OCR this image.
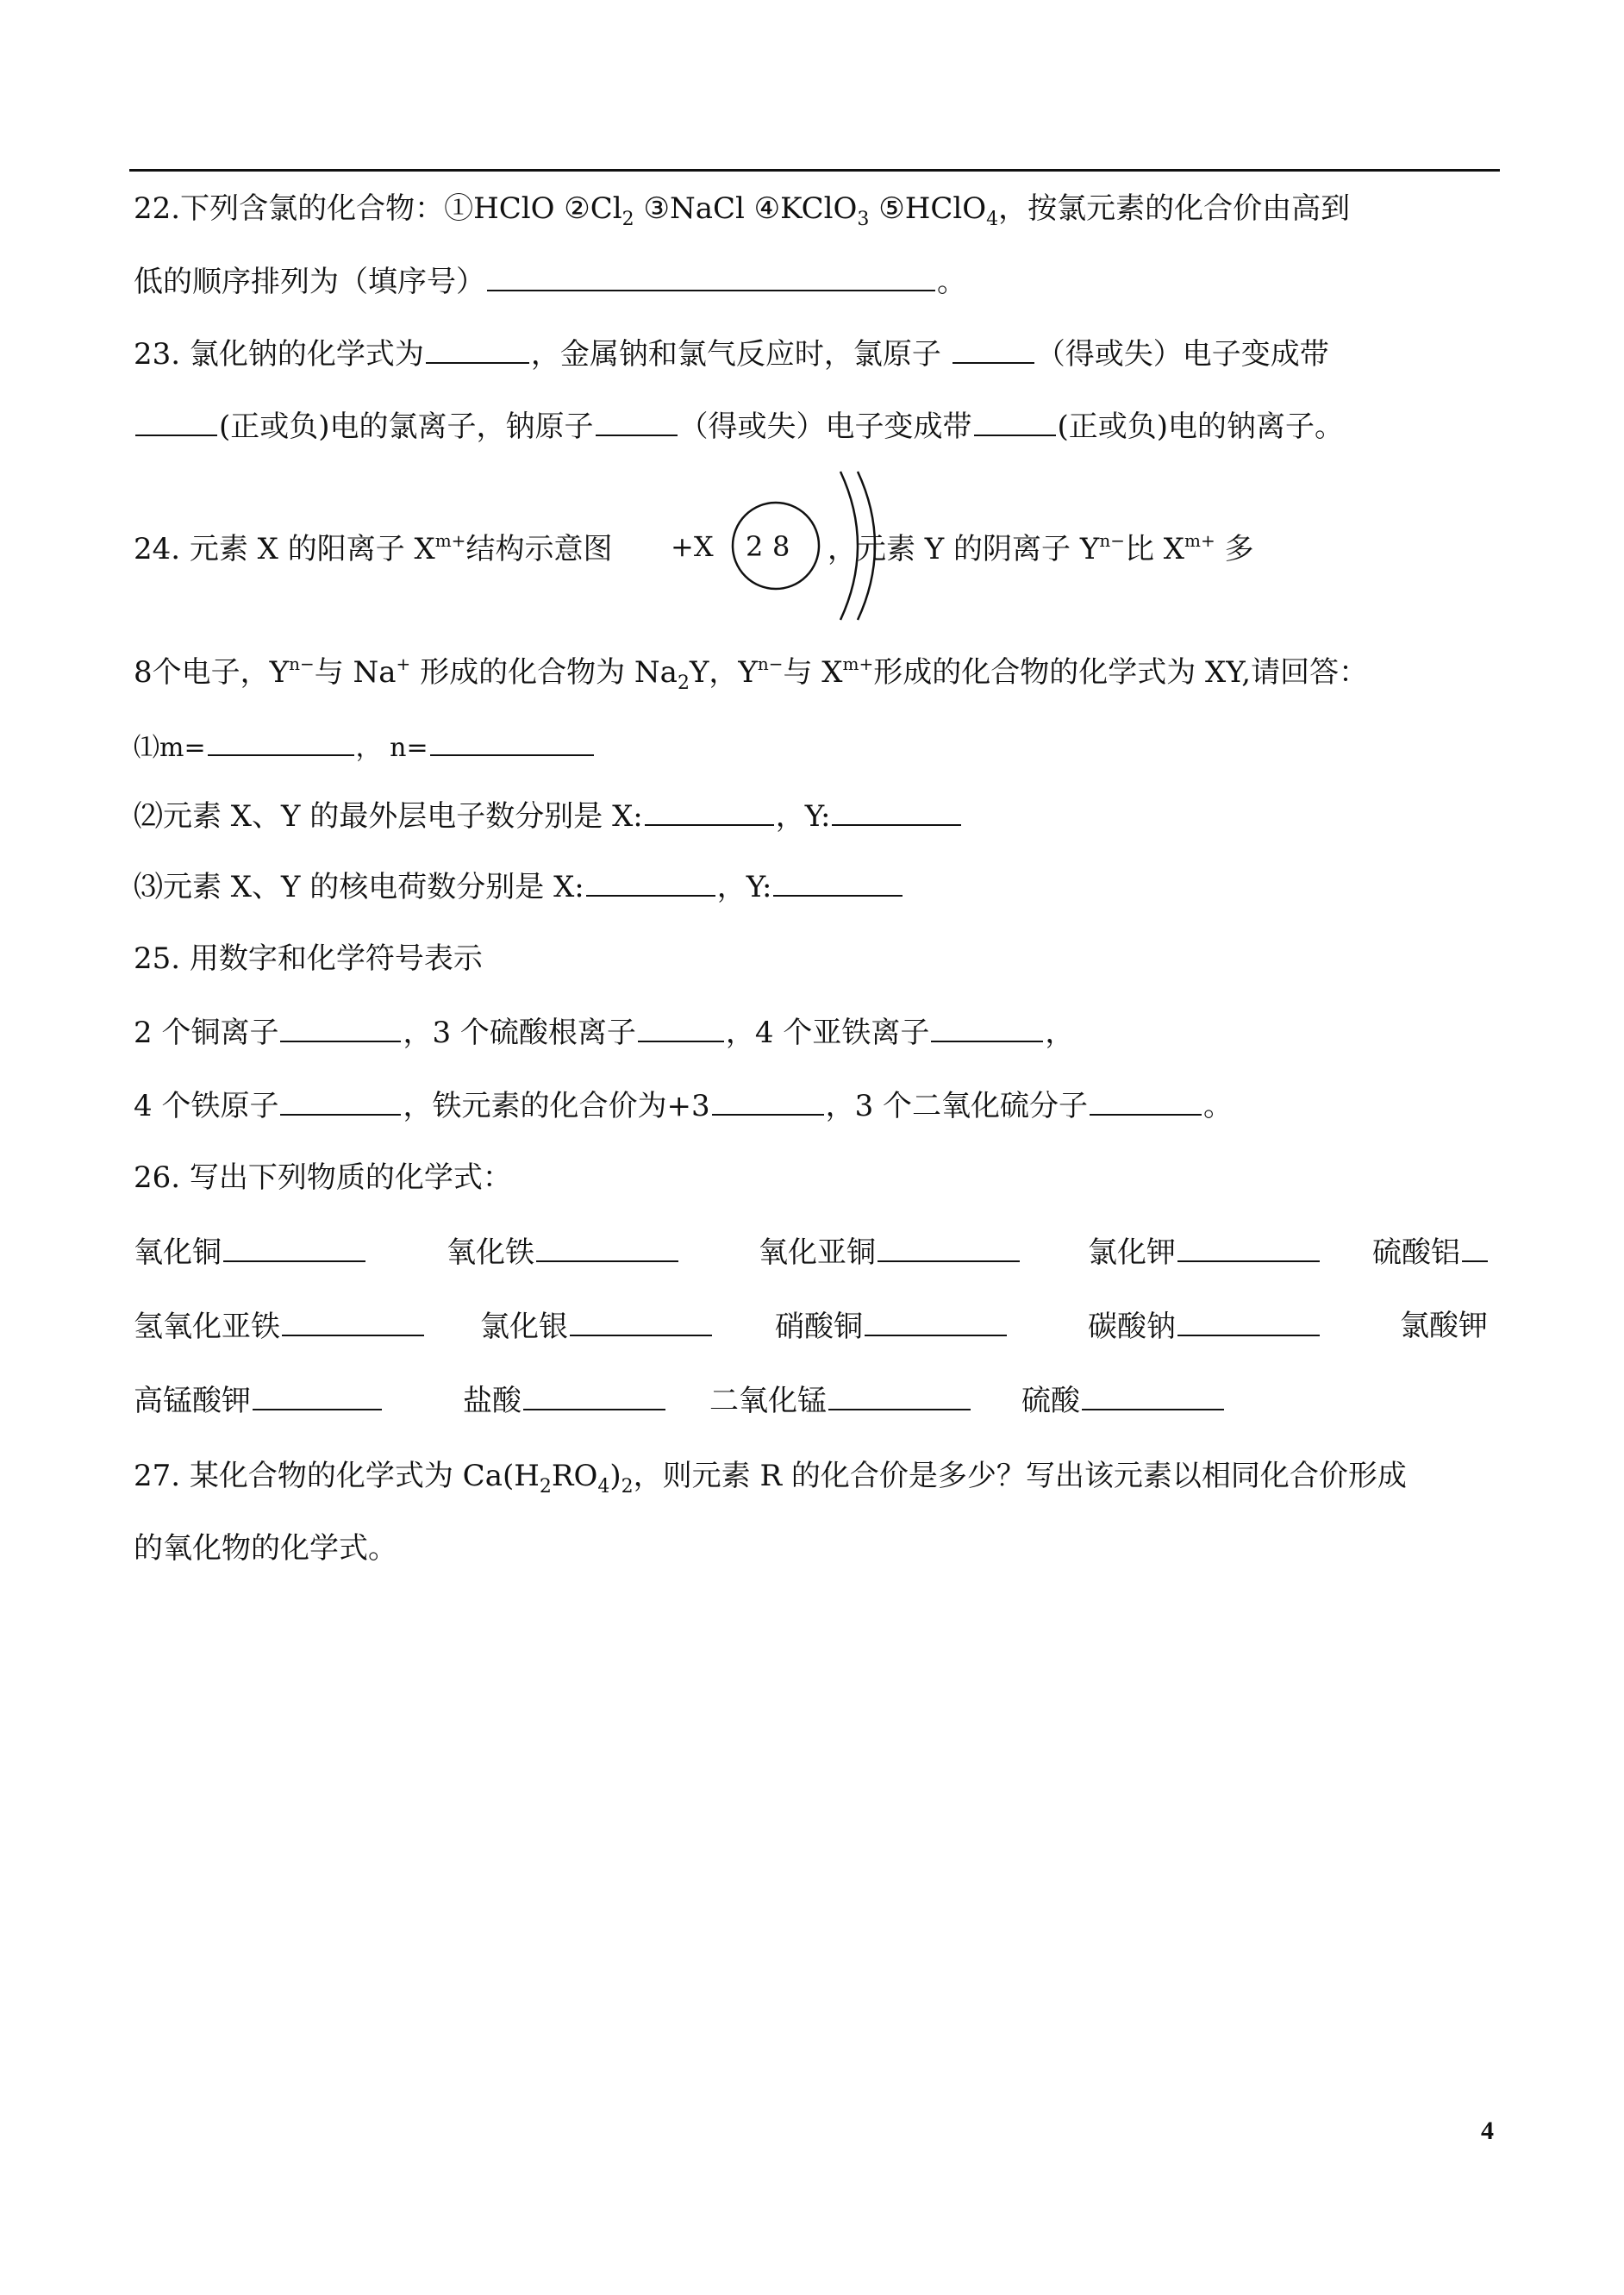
22.下列含氯的化合物：①HClO $②Cl_2$ ③NaCl ④KClO$_3$ ⑤HClO$_4$，按氯元素的化合价由高到
低的顺序排列为（填序号）	。
23. 氯化钠的化学式为	，金属钠和氯气反应时，氯原子	（得或失）电子变成带
(正或负)电的氯离子，钠原子	（得或失）电子变成带	(正或负)电的钠离子。
24. 元素 X 的阳离子 $X^{m+}$结构示意图 +X 2 8 ，元素 Y 的阴离子 $Y^{n-}$比 $X^{m+}$ 多
8个电子，$Y^{n-}$与 Na+ 形成的化合物为 $Na_2Y$，$Y^{n-}$与 $X^{m+}$形成的化合物的化学式为 XY,请回答：
⑴m=	， n=
⑵元素 X、Y 的最外层电子数分别是 X:	，Y:
⑶元素 X、Y 的核电荷数分别是 X:	，Y:
25. 用数字和化学符号表示
2 个铜离子	，3 个硫酸根离子	，4 个亚铁离子	，
4 个铁原子	，铁元素的化合价为+3	，3 个二氧化硫分子	。
26. 写出下列物质的化学式：
氧化铜	氧化铁	氧化亚铜	氯化钾	硫酸铝
氢氧化亚铁	氯化银	硝酸铜	碳酸钠	氯酸钾
高锰酸钾	盐酸	二氧化锰	硫酸
27. 某化合物的化学式为 $Ca(H_2RO_4)_2$，则元素 R 的化合价是多少？写出该元素以相同化合价形成
的氧化物的化学式。
4
